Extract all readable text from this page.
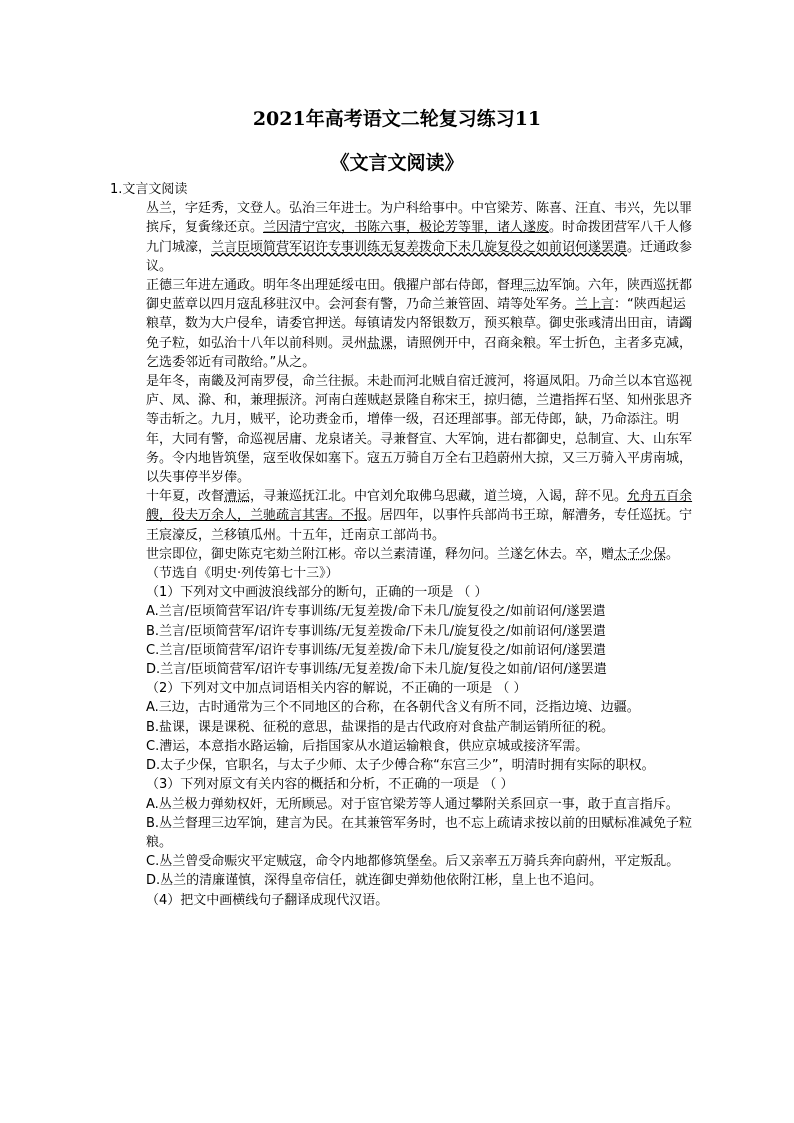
2021年高考语文二轮复习练习11
《文言文阅读》

1.文言文阅读

丛兰，字廷秀，文登人。弘治三年进士。为户科给事中。中官梁芳、陈喜、汪直、韦兴，先以罪摈斥，复夤缘还京。兰因清宁宫灾，书陈六事，极论芳等罪，诸人遂废。时命拨团营军八千人修九门城濠，兰言臣顷简营军诏许专事训练无复差拨命下未几旋复役之如前诏何遂罢遣。迁通政参议。

正德三年进左通政。明年冬出理延绥屯田。俄擢户部右侍郎，督理三边军饷。六年，陕西巡抚都御史蓝章以四月寇乱移驻汉中。会河套有警，乃命兰兼管固、靖等处军务。兰上言：“陕西起运粮草，数为大户侵牟，请委官押送。每镇请发内帑银数万，预买粮草。御史张彧清出田亩，请蠲免子粒，如弘治十八年以前科则。灵州盐课，请照例开中，召商籴粮。军士折色，主者多克减，乞选委邻近有司散给。”从之。

是年冬，南畿及河南罗侵，命兰往振。未赴而河北贼自宿迁渡河，将逼凤阳。乃命兰以本官巡视庐、凤、滁、和，兼理振济。河南白莲贼赵景隆自称宋王，掠归德，兰遣指挥石坚、知州张思齐等击斩之。九月，贼平，论功赉金币，增俸一级，召还理部事。部无侍郎，缺，乃命添注。明年，大同有警，命巡视居庸、龙泉诸关。寻兼督宣、大军饷，进右都御史，总制宣、大、山东军务。令内地皆筑堡，寇至收保如塞下。寇五万骑自万全右卫趋蔚州大掠，又三万骑入平虏南城，以失事停半岁俸。

十年夏，改督漕运，寻兼巡抚江北。中官刘允取佛乌思藏，道兰境，入谒，辞不见。允舟五百余艘，役夫万余人，兰驰疏言其害。不报。居四年，以事忤兵部尚书王琼，解漕务，专任巡抚。宁王宸濠反，兰移镇瓜州。十五年，迁南京工部尚书。

世宗即位，御史陈克宅劾兰附江彬。帝以兰素清谨，释勿问。兰遂乞休去。卒，赠太子少保。

（节选自《明史·列传第七十三》）

（1）下列对文中画波浪线部分的断句，正确的一项是 （ ）

A.兰言/臣顷简营军诏/许专事训练/无复差拨/命下未几/旋复役之/如前诏何/遂罢遣

B.兰言/臣顷简营军/诏许专事训练/无复差拨命/下未几/旋复役之/如前诏何/遂罢遣

C.兰言/臣顷简营军/诏许专事训练/无复差拨/命下未几/旋复役之/如前诏何/遂罢遣

D.兰言/臣顷简营军/诏许专事训练/无复差拨/命下未几旋/复役之如前/诏何/遂罢遣

（2）下列对文中加点词语相关内容的解说，不正确的一项是 （ ）

A.三边，古时通常为三个不同地区的合称，在各朝代含义有所不同，泛指边境、边疆。

B.盐课，课是课税、征税的意思，盐课指的是古代政府对食盐产制运销所征的税。

C.漕运，本意指水路运输，后指国家从水道运输粮食，供应京城或接济军需。

D.太子少保，官职名，与太子少师、太子少傅合称“东宫三少”，明清时拥有实际的职权。

（3）下列对原文有关内容的概括和分析，不正确的一项是 （ ）

A.丛兰极力弹劾权奸，无所顾忌。对于宦官梁芳等人通过攀附关系回京一事，敢于直言指斥。

B.丛兰督理三边军饷，建言为民。在其兼管军务时，也不忘上疏请求按以前的田赋标准减免子粒粮。

C.丛兰曾受命赈灾平定贼寇，命令内地都修筑堡垒。后又亲率五万骑兵奔向蔚州，平定叛乱。

D.丛兰的清廉谨慎，深得皇帝信任，就连御史弹劾他依附江彬，皇上也不追问。

（4）把文中画横线句子翻译成现代汉语。
